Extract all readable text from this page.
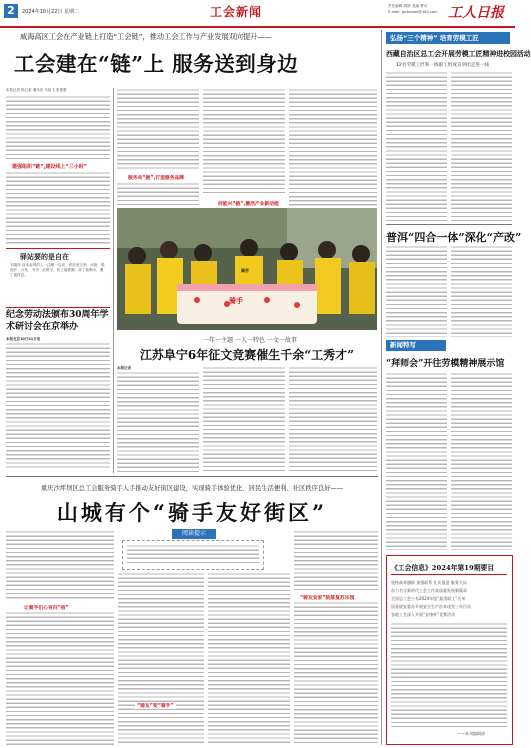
2	2024年10月22日 星期二	工会新闻	责任编辑 胡婷 美编 曹可
E-mail: grrbnews@163.com 工人日报
威海高区工会在产业链上打造“工会链”，推动工会工作与产业发展双向提升——
工会建在“链”上 服务送到身边
本报记者 杨召奎 通讯员 马绍飞 张蕾蕾
建强组织“链”,建设线上“三小时”
驿站要的是自在
刘瑞萍 前来参观的人一边聊一边说，驿站里空调、冰箱、微波炉、沙发、书刊一应俱全，热了能歇脚，渴了能喝水，累了能休息。
纪念劳动法颁布30周年学术研讨会在京举办
本报北京10月21日电
服务向“链”,打造服务品牌
技能兴“链”,激活产业新动能
骑手
骑手
一年一主题 一人一特色 一文一故事
江苏阜宁6年征文竞赛催生千余“工秀才”
本报记者
重庆沙坪坝区总工会服务骑手人手推动友好街区建设，实现骑手体验优化、居民生活便利、社区秩序良好——
山城有个“骑手友好街区”
阅读提示
让骑手们心有归“宿”
“骑友”变“骑手”
“骑友安家”院落复苏乐园
弘扬“三个精神” 培育劳模工匠
西藏自治区总工会开展劳模工匠精神进校园活动
12名劳模工匠和一线职工组成宣讲团走进一线
普洱“四合一体”深化“产改”
新闻特写
“拜师会”开往劳模精神展示馆
《工会信息》2024年第19期要目
坚持高举旗帜 加强联系 扎实推进 服务大局
奋力书写新时代工会工作高质量发展新篇章
全国总工会公布2024年度“最美职工”名单
国务院安委办开展安全生产治本攻坚三年行动
各地工会深入开展“安康杯”竞赛活动
——本刊编辑部
